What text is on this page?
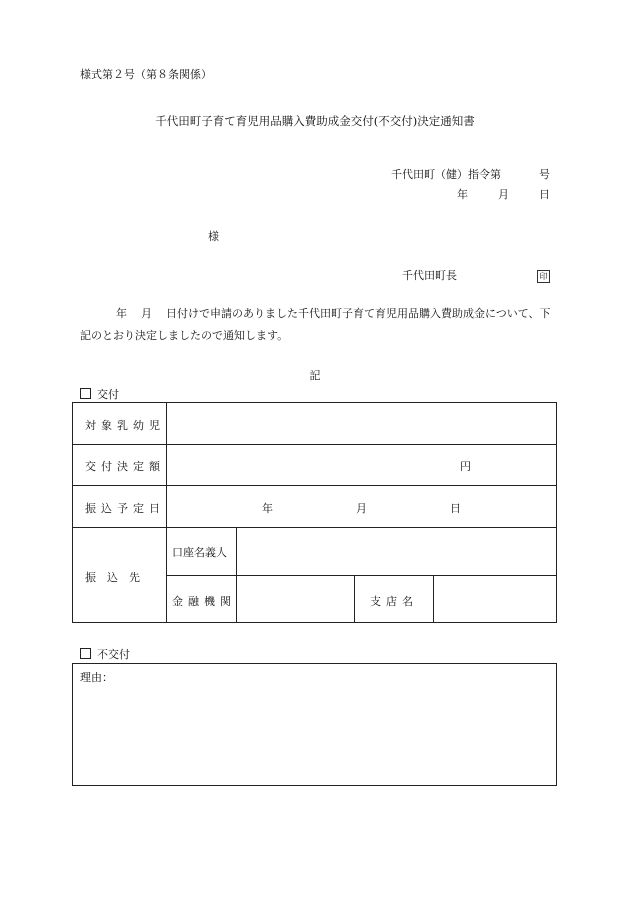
様式第２号（第８条関係）
千代田町子育て育児用品購入費助成金交付(不交付)決定通知書
千代田町（健）指令第	号
年	月	日
様
千代田町長	印
年 月 日付けで申請のありました千代田町子育て育児用品購入費助成金について、下記のとおり決定しましたので通知します。
記
交付
対象乳幼児
交付決定額	円
振込予定日	年	月	日
振　込　先
口座名義人
金融機関	支店名
不交付
理由：
